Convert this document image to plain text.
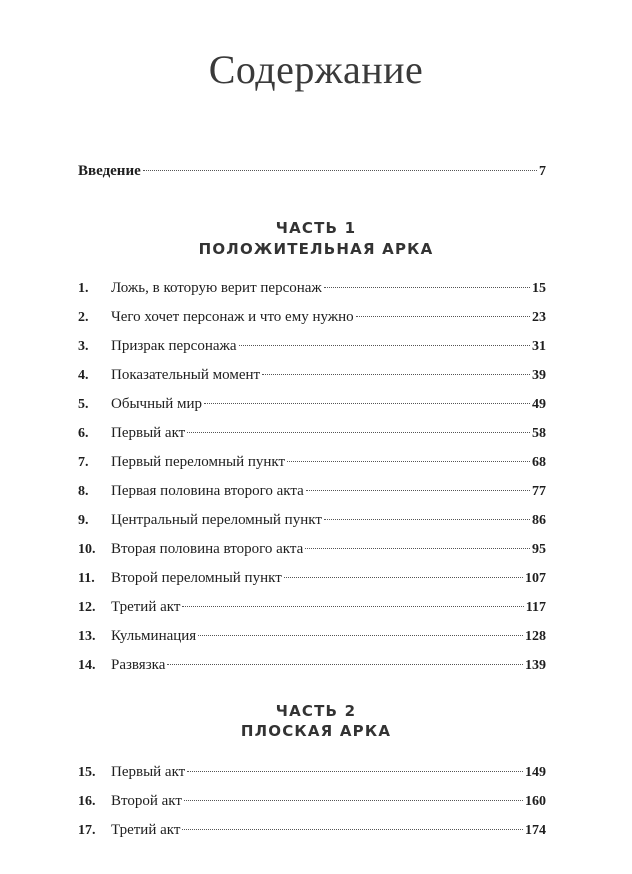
Содержание
Введение	7
ЧАСТЬ 1
ПОЛОЖИТЕЛЬНАЯ АРКА
1.	Ложь, в которую верит персонаж	15
2.	Чего хочет персонаж и что ему нужно	23
3.	Призрак персонажа	31
4.	Показательный момент	39
5.	Обычный мир	49
6.	Первый акт	58
7.	Первый переломный пункт	68
8.	Первая половина второго акта	77
9.	Центральный переломный пункт	86
10.	Вторая половина второго акта	95
11.	Второй переломный пункт	107
12.	Третий акт	117
13.	Кульминация	128
14.	Развязка	139
ЧАСТЬ 2
ПЛОСКАЯ АРКА
15.	Первый акт	149
16.	Второй акт	160
17.	Третий акт	174
